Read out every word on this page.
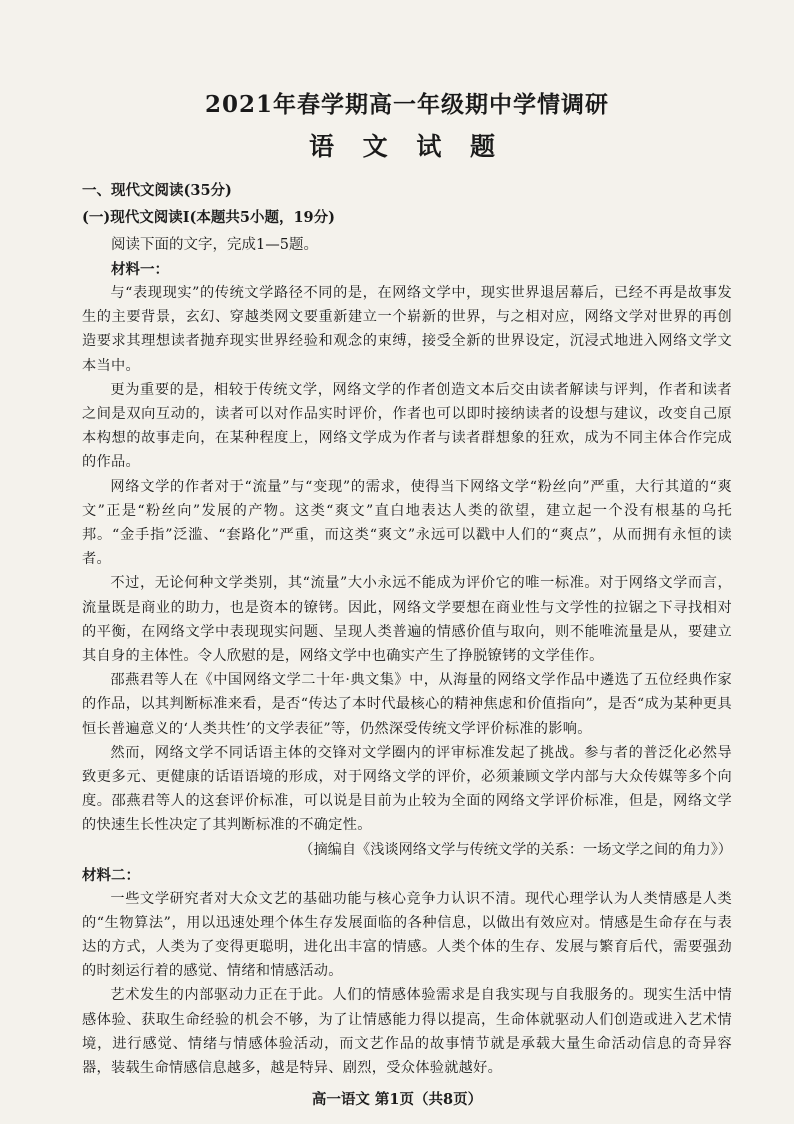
2021年春学期高一年级期中学情调研
语 文 试 题
一、现代文阅读(35分)
(一)现代文阅读I(本题共5小题，19分)
阅读下面的文字，完成1—5题。
材料一：

与“表现现实”的传统文学路径不同的是，在网络文学中，现实世界退居幕后，已经不再是故事发生的主要背景，玄幻、穿越类网文要重新建立一个崭新的世界，与之相对应，网络文学对世界的再创造要求其理想读者抛弃现实世界经验和观念的束缚，接受全新的世界设定，沉浸式地进入网络文学文本当中。

更为重要的是，相较于传统文学，网络文学的作者创造文本后交由读者解读与评判，作者和读者之间是双向互动的，读者可以对作品实时评价，作者也可以即时接纳读者的设想与建议，改变自己原本构想的故事走向，在某种程度上，网络文学成为作者与读者群想象的狂欢，成为不同主体合作完成的作品。

网络文学的作者对于“流量”与“变现”的需求，使得当下网络文学“粉丝向”严重，大行其道的“爽文”正是“粉丝向”发展的产物。这类“爽文”直白地表达人类的欲望，建立起一个没有根基的乌托邦。“金手指”泛滥、“套路化”严重，而这类“爽文”永远可以戳中人们的“爽点”，从而拥有永恒的读者。

不过，无论何种文学类别，其“流量”大小永远不能成为评价它的唯一标准。对于网络文学而言，流量既是商业的助力，也是资本的镣铐。因此，网络文学要想在商业性与文学性的拉锯之下寻找相对的平衡，在网络文学中表现现实问题、呈现人类普遍的情感价值与取向，则不能唯流量是从，要建立其自身的主体性。令人欣慰的是，网络文学中也确实产生了挣脱镣铐的文学佳作。

邵燕君等人在《中国网络文学二十年·典文集》中，从海量的网络文学作品中遴选了五位经典作家的作品，以其判断标准来看，是否“传达了本时代最核心的精神焦虑和价值指向”，是否“成为某种更具恒长普遍意义的‘人类共性’的文学表征”等，仍然深受传统文学评价标准的影响。

然而，网络文学不同话语主体的交锋对文学圈内的评审标准发起了挑战。参与者的普泛化必然导致更多元、更健康的话语语境的形成，对于网络文学的评价，必须兼顾文学内部与大众传媒等多个向度。邵燕君等人的这套评价标准，可以说是目前为止较为全面的网络文学评价标准，但是，网络文学的快速生长性决定了其判断标准的不确定性。

（摘编自《浅谈网络文学与传统文学的关系：一场文学之间的角力》）
材料二：

一些文学研究者对大众文艺的基础功能与核心竞争力认识不清。现代心理学认为人类情感是人类的“生物算法”，用以迅速处理个体生存发展面临的各种信息，以做出有效应对。情感是生命存在与表达的方式，人类为了变得更聪明，进化出丰富的情感。人类个体的生存、发展与繁育后代，需要强劲的时刻运行着的感觉、情绪和情感活动。

艺术发生的内部驱动力正在于此。人们的情感体验需求是自我实现与自我服务的。现实生活中情感体验、获取生命经验的机会不够，为了让情感能力得以提高，生命体就驱动人们创造或进入艺术情境，进行感觉、情绪与情感体验活动，而文艺作品的故事情节就是承载大量生命活动信息的奇异容器，装载生命情感信息越多，越是特异、剧烈，受众体验就越好。

高一语文 第1页（共8页）
